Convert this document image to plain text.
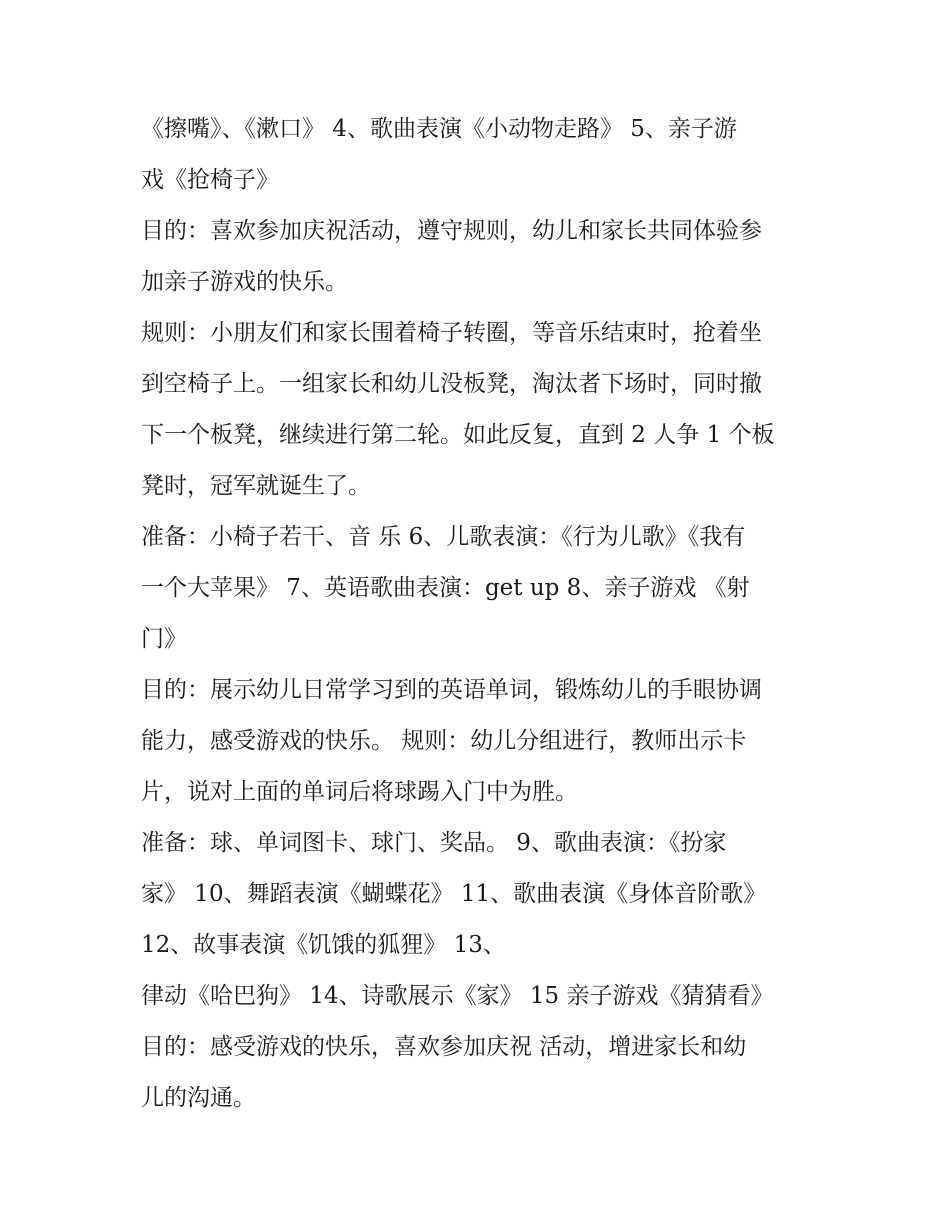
《擦嘴》、《漱口》 4、歌曲表演《小动物走路》 5、亲子游
戏《抢椅子》
目的：喜欢参加庆祝活动，遵守规则，幼儿和家长共同体验参
加亲子游戏的快乐。
规则：小朋友们和家长围着椅子转圈，等音乐结束时，抢着坐
到空椅子上。一组家长和幼儿没板凳，淘汰者下场时，同时撤
下一个板凳，继续进行第二轮。如此反复，直到 2 人争 1 个板
凳时，冠军就诞生了。
准备：小椅子若干、音 乐 6、儿歌表演：《行为儿歌》《我有
一个大苹果》 7、英语歌曲表演：get up 8、亲子游戏 《射
门》
目的：展示幼儿日常学习到的英语单词，锻炼幼儿的手眼协调
能力，感受游戏的快乐。 规则：幼儿分组进行，教师出示卡
片，说对上面的单词后将球踢入门中为胜。
准备：球、单词图卡、球门、奖品。 9、歌曲表演：《扮家
家》 10、舞蹈表演《蝴蝶花》 11、歌曲表演《身体音阶歌》
12、故事表演《饥饿的狐狸》 13、
律动《哈巴狗》 14、诗歌展示《家》 15 亲子游戏《猜猜看》
目的：感受游戏的快乐，喜欢参加庆祝 活动，增进家长和幼
儿的沟通。
